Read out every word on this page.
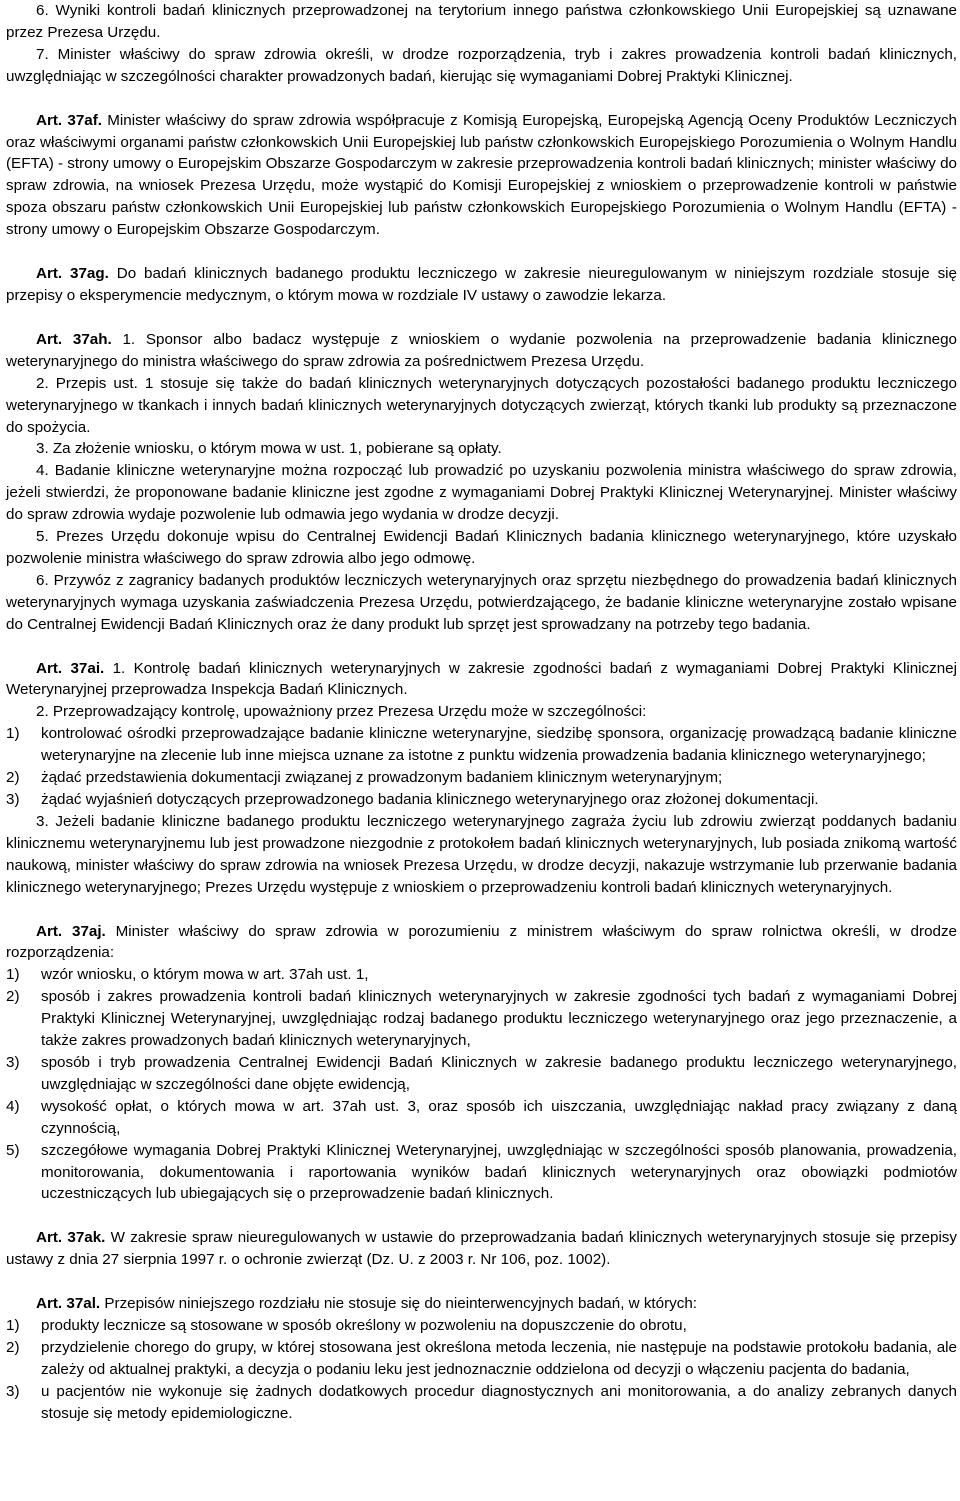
6. Wyniki kontroli badań klinicznych przeprowadzonej na terytorium innego państwa członkowskiego Unii Europejskiej są uznawane przez Prezesa Urzędu.

7. Minister właściwy do spraw zdrowia określi, w drodze rozporządzenia, tryb i zakres prowadzenia kontroli badań klinicznych, uwzględniając w szczególności charakter prowadzonych badań, kierując się wymaganiami Dobrej Praktyki Klinicznej.

Art. 37af. Minister właściwy do spraw zdrowia współpracuje z Komisją Europejską, Europejską Agencją Oceny Produktów Leczniczych oraz właściwymi organami państw członkowskich Unii Europejskiej lub państw członkowskich Europejskiego Porozumienia o Wolnym Handlu (EFTA) - strony umowy o Europejskim Obszarze Gospodarczym w zakresie przeprowadzenia kontroli badań klinicznych; minister właściwy do spraw zdrowia, na wniosek Prezesa Urzędu, może wystąpić do Komisji Europejskiej z wnioskiem o przeprowadzenie kontroli w państwie spoza obszaru państw członkowskich Unii Europejskiej lub państw członkowskich Europejskiego Porozumienia o Wolnym Handlu (EFTA) - strony umowy o Europejskim Obszarze Gospodarczym.

Art. 37ag. Do badań klinicznych badanego produktu leczniczego w zakresie nieuregulowanym w niniejszym rozdziale stosuje się przepisy o eksperymencie medycznym, o którym mowa w rozdziale IV ustawy o zawodzie lekarza.

Art. 37ah. 1. Sponsor albo badacz występuje z wnioskiem o wydanie pozwolenia na przeprowadzenie badania klinicznego weterynaryjnego do ministra właściwego do spraw zdrowia za pośrednictwem Prezesa Urzędu.

2. Przepis ust. 1 stosuje się także do badań klinicznych weterynaryjnych dotyczących pozostałości badanego produktu leczniczego weterynaryjnego w tkankach i innych badań klinicznych weterynaryjnych dotyczących zwierząt, których tkanki lub produkty są przeznaczone do spożycia.

3. Za złożenie wniosku, o którym mowa w ust. 1, pobierane są opłaty.

4. Badanie kliniczne weterynaryjne można rozpocząć lub prowadzić po uzyskaniu pozwolenia ministra właściwego do spraw zdrowia, jeżeli stwierdzi, że proponowane badanie kliniczne jest zgodne z wymaganiami Dobrej Praktyki Klinicznej Weterynaryjnej. Minister właściwy do spraw zdrowia wydaje pozwolenie lub odmawia jego wydania w drodze decyzji.

5. Prezes Urzędu dokonuje wpisu do Centralnej Ewidencji Badań Klinicznych badania klinicznego weterynaryjnego, które uzyskało pozwolenie ministra właściwego do spraw zdrowia albo jego odmowę.

6. Przywóz z zagranicy badanych produktów leczniczych weterynaryjnych oraz sprzętu niezbędnego do prowadzenia badań klinicznych weterynaryjnych wymaga uzyskania zaświadczenia Prezesa Urzędu, potwierdzającego, że badanie kliniczne weterynaryjne zostało wpisane do Centralnej Ewidencji Badań Klinicznych oraz że dany produkt lub sprzęt jest sprowadzany na potrzeby tego badania.

Art. 37ai. 1. Kontrolę badań klinicznych weterynaryjnych w zakresie zgodności badań z wymaganiami Dobrej Praktyki Klinicznej Weterynaryjnej przeprowadza Inspekcja Badań Klinicznych.

2. Przeprowadzający kontrolę, upoważniony przez Prezesa Urzędu może w szczególności:

1)	kontrolować ośrodki przeprowadzające badanie kliniczne weterynaryjne, siedzibę sponsora, organizację prowadzącą badanie kliniczne weterynaryjne na zlecenie lub inne miejsca uznane za istotne z punktu widzenia prowadzenia badania klinicznego weterynaryjnego;
2)	żądać przedstawienia dokumentacji związanej z prowadzonym badaniem klinicznym weterynaryjnym;
3)	żądać wyjaśnień dotyczących przeprowadzonego badania klinicznego weterynaryjnego oraz złożonej dokumentacji.

3. Jeżeli badanie kliniczne badanego produktu leczniczego weterynaryjnego zagraża życiu lub zdrowiu zwierząt poddanych badaniu klinicznemu weterynaryjnemu lub jest prowadzone niezgodnie z protokołem badań klinicznych weterynaryjnych, lub posiada znikomą wartość naukową, minister właściwy do spraw zdrowia na wniosek Prezesa Urzędu, w drodze decyzji, nakazuje wstrzymanie lub przerwanie badania klinicznego weterynaryjnego; Prezes Urzędu występuje z wnioskiem o przeprowadzeniu kontroli badań klinicznych weterynaryjnych.

Art. 37aj. Minister właściwy do spraw zdrowia w porozumieniu z ministrem właściwym do spraw rolnictwa określi, w drodze rozporządzenia:

1)	wzór wniosku, o którym mowa w art. 37ah ust. 1,
2)	sposób i zakres prowadzenia kontroli badań klinicznych weterynaryjnych w zakresie zgodności tych badań z wymaganiami Dobrej Praktyki Klinicznej Weterynaryjnej, uwzględniając rodzaj badanego produktu leczniczego weterynaryjnego oraz jego przeznaczenie, a także zakres prowadzonych badań klinicznych weterynaryjnych,
3)	sposób i tryb prowadzenia Centralnej Ewidencji Badań Klinicznych w zakresie badanego produktu leczniczego weterynaryjnego, uwzględniając w szczególności dane objęte ewidencją,
4)	wysokość opłat, o których mowa w art. 37ah ust. 3, oraz sposób ich uiszczania, uwzględniając nakład pracy związany z daną czynnością,
5)	szczegółowe wymagania Dobrej Praktyki Klinicznej Weterynaryjnej, uwzględniając w szczególności sposób planowania, prowadzenia, monitorowania, dokumentowania i raportowania wyników badań klinicznych weterynaryjnych oraz obowiązki podmiotów uczestniczących lub ubiegających się o przeprowadzenie badań klinicznych.

Art. 37ak. W zakresie spraw nieuregulowanych w ustawie do przeprowadzania badań klinicznych weterynaryjnych stosuje się przepisy ustawy z dnia 27 sierpnia 1997 r. o ochronie zwierząt (Dz. U. z 2003 r. Nr 106, poz. 1002).

Art. 37al. Przepisów niniejszego rozdziału nie stosuje się do nieinterwencyjnych badań, w których:

1)	produkty lecznicze są stosowane w sposób określony w pozwoleniu na dopuszczenie do obrotu,
2)	przydzielenie chorego do grupy, w której stosowana jest określona metoda leczenia, nie następuje na podstawie protokołu badania, ale zależy od aktualnej praktyki, a decyzja o podaniu leku jest jednoznacznie oddzielona od decyzji o włączeniu pacjenta do badania,
3)	u pacjentów nie wykonuje się żadnych dodatkowych procedur diagnostycznych ani monitorowania, a do analizy zebranych danych stosuje się metody epidemiologiczne.
